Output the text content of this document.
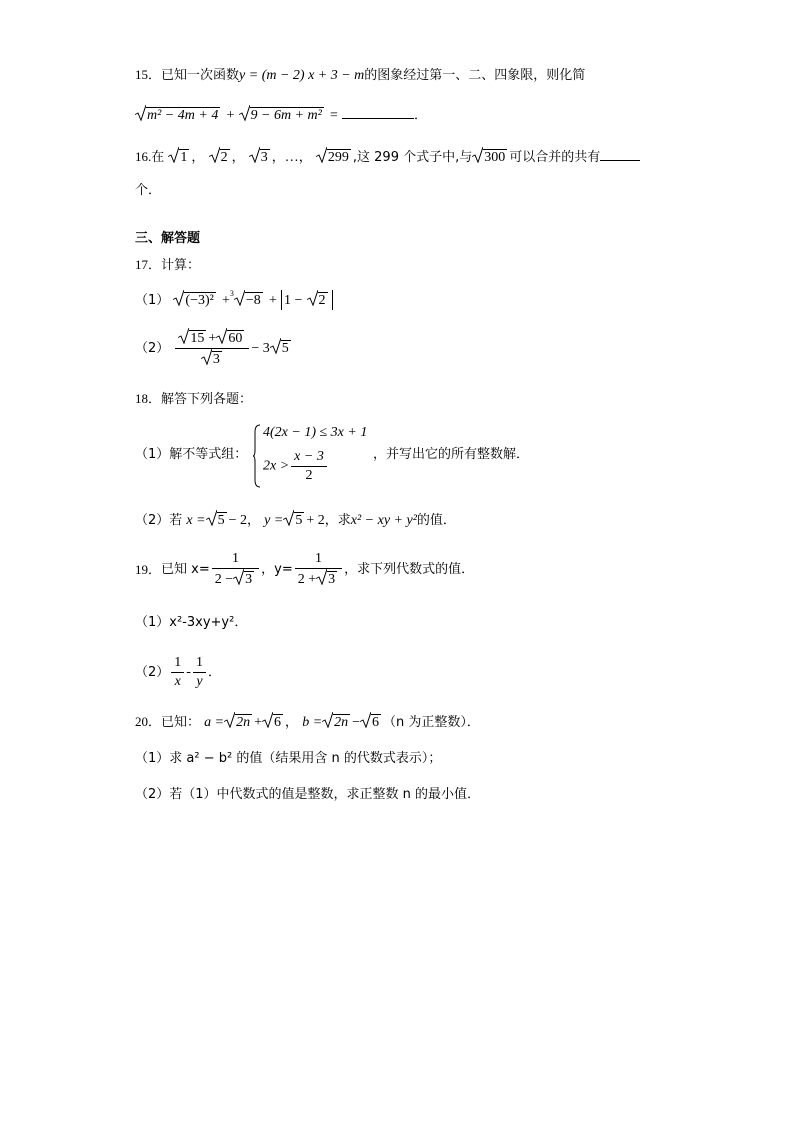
15．已知一次函数y = (m − 2) x + 3 − m的图象经过第一、二、四象限，则化简
m² − 4m + 4 + 9 − 6m + m² =	．
16.在 1 ， 2 ， 3 ，…， 299 ,这 299 个式子中,与 300 可以合并的共有
个．
三、解答题
17．计算：
（1） (−3)² +$^3$ −8 + 1 − 2
$(2) \frac{15 + 60}{3} - 3$ 5
18．解答下列各题：
（1）解不等式组：
4(2x − 1) ≤ 3x + 1
$2x > \frac{x - 3}{2}$	，并写出它的所有整数解．
（2）若 x = 5 − 2， y = 5 + 2，求x² − xy + y²的值．
19．已知 $x= \frac{1}{2 - 3}$ ，$y= \frac{1}{2 + 3}$ ，求下列代数式的值．
（1）x²-3xy+y²．
$(2) \frac{1}{x} - \frac{1}{y}$ ．
20．已知： a = 2n + 6 ， b = 2n − 6 （n 为正整数）．
（1）求 a² − b² 的值（结果用含 n 的代数式表示）；
（2）若（1）中代数式的值是整数，求正整数 n 的最小值．
